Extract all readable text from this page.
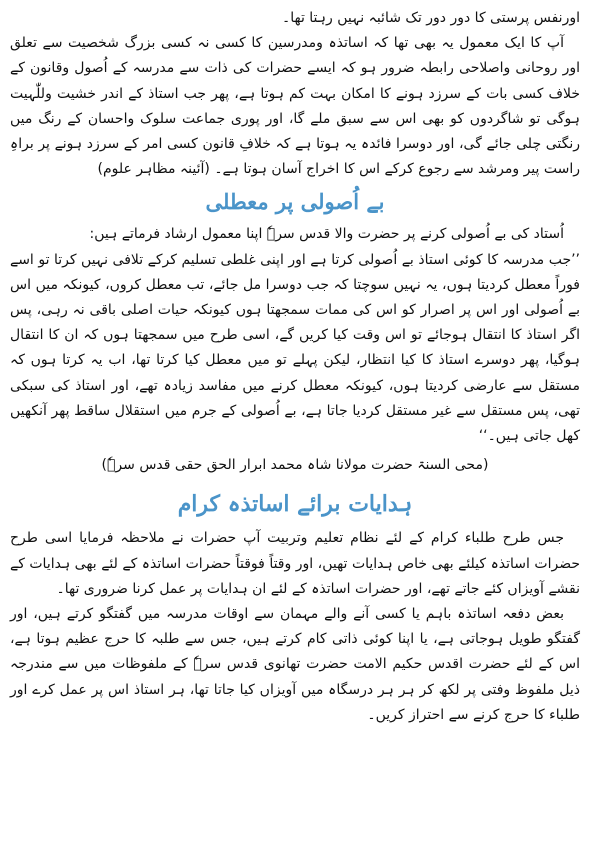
اورنفس پرستی کا دور دور تک شائبہ نہیں رہتا تھا۔

آپ کا ایک معمول یہ بھی تھا کہ اساتذہ ومدرسین کا کسی نہ کسی بزرگ شخصیت سے تعلق اور روحانی واصلاحی رابطہ ضرور ہو کہ ایسے حضرات کی ذات سے مدرسہ کے اُصول وقانون کے خلاف کسی بات کے سرزد ہونے کا امکان بہت کم ہوتا ہے، پھر جب استاذ کے اندر خشیت وللّٰہیت ہوگی تو شاگردوں کو بھی اس سے سبق ملے گا، اور پوری جماعت سلوک واحسان کے رنگ میں رنگتی چلی جائے گی، اور دوسرا فائدہ یہ ہوتا ہے کہ خلافِ قانون کسی امر کے سرزد ہونے پر براہِ راست پیر ومرشد سے رجوع کرکے اس کا اخراج آسان ہوتا ہے۔ (آئینہ مظاہر علوم)

بے اُصولی پر معطلی

اُستاد کی بے اُصولی کرنے پر حضرت والا قدس سرہٗ اپنا معمول ارشاد فرماتے ہیں:

’’جب مدرسہ کا کوئی استاذ بے اُصولی کرتا ہے اور اپنی غلطی تسلیم کرکے تلافی نہیں کرتا تو اسے فوراً معطل کردیتا ہوں، یہ نہیں سوچتا کہ جب دوسرا مل جائے، تب معطل کروں، کیونکہ میں اس بے اُصولی اور اس پر اصرار کو اس کی ممات سمجھتا ہوں کیونکہ حیات اصلی باقی نہ رہی، پس اگر استاذ کا انتقال ہوجائے تو اس وقت کیا کریں گے، اسی طرح میں سمجھتا ہوں کہ ان کا انتقال ہوگیا، پھر دوسرے استاذ کا کیا انتظار، لیکن پہلے تو میں معطل کیا کرتا تھا، اب یہ کرتا ہوں کہ مستقل سے عارضی کردیتا ہوں، کیونکہ معطل کرنے میں مفاسد زیادہ تھے، اور استاذ کی سبکی تھی، پس مستقل سے غیر مستقل کردیا جاتا ہے، بے اُصولی کے جرم میں استقلال ساقط پھر آنکھیں کھل جاتی ہیں۔‘‘

(محی السنۃ حضرت مولانا شاہ محمد ابرار الحق حقی قدس سرہٗ)

ہدایات برائے اساتذہ کرام

جس طرح طلباء کرام کے لئے نظام تعلیم وتربیت آپ حضرات نے ملاحظہ فرمایا اسی طرح حضرات اساتذہ کیلئے بھی خاص ہدایات تھیں، اور وقتاً فوقتاً حضرات اساتذہ کے لئے بھی ہدایات کے نقشے آویزاں کئے جاتے تھے، اور حضرات اساتذہ کے لئے ان ہدایات پر عمل کرنا ضروری تھا۔

بعض دفعہ اساتذہ باہم یا کسی آنے والے مہمان سے اوقات مدرسہ میں گفتگو کرتے ہیں، اور گفتگو طویل ہوجاتی ہے، یا اپنا کوئی ذاتی کام کرتے ہیں، جس سے طلبہ کا حرج عظیم ہوتا ہے، اس کے لئے حضرت اقدس حکیم الامت حضرت تھانوی قدس سرہٗ کے ملفوظات میں سے مندرجہ ذیل ملفوظ وفتی پر لکھ کر ہر ہر درسگاہ میں آویزاں کیا جاتا تھا، ہر استاذ اس پر عمل کرے اور طلباء کا حرج کرنے سے احتراز کریں۔
